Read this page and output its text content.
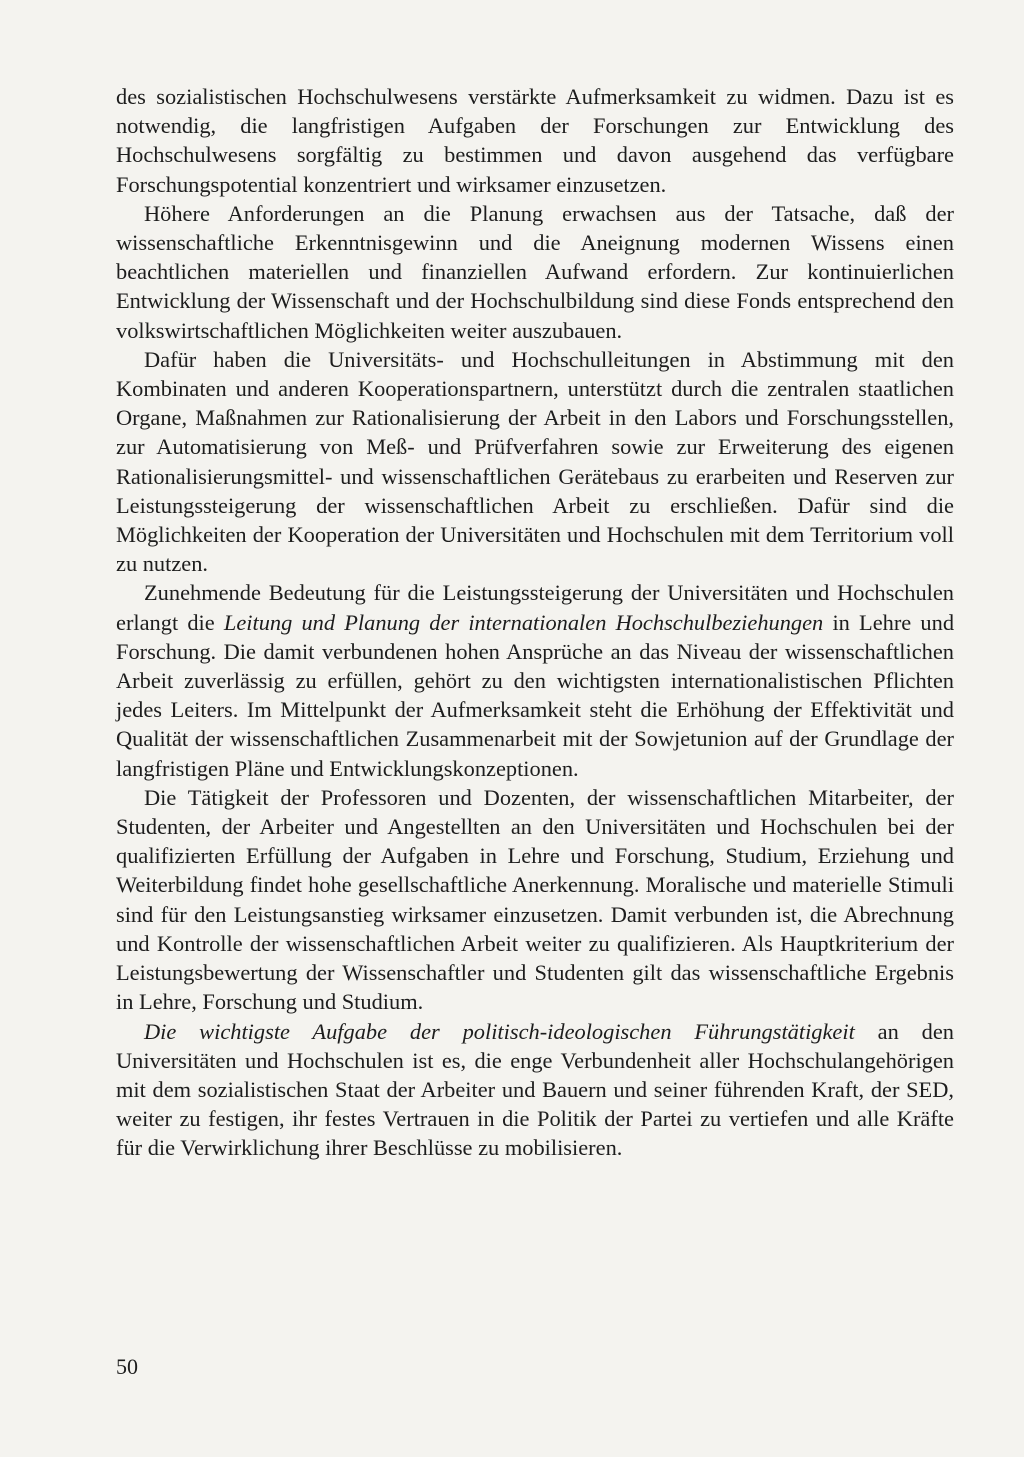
des sozialistischen Hochschulwesens verstärkte Aufmerksamkeit zu widmen. Dazu ist es notwendig, die langfristigen Aufgaben der Forschungen zur Entwicklung des Hochschulwesens sorgfältig zu bestimmen und davon ausgehend das verfügbare Forschungspotential konzentriert und wirksamer einzusetzen.

Höhere Anforderungen an die Planung erwachsen aus der Tatsache, daß der wissenschaftliche Erkenntnisgewinn und die Aneignung modernen Wissens einen beachtlichen materiellen und finanziellen Aufwand erfordern. Zur kontinuierlichen Entwicklung der Wissenschaft und der Hochschulbildung sind diese Fonds entsprechend den volkswirtschaftlichen Möglichkeiten weiter auszubauen.

Dafür haben die Universitäts- und Hochschulleitungen in Abstimmung mit den Kombinaten und anderen Kooperationspartnern, unterstützt durch die zentralen staatlichen Organe, Maßnahmen zur Rationalisierung der Arbeit in den Labors und Forschungsstellen, zur Automatisierung von Meß- und Prüfverfahren sowie zur Erweiterung des eigenen Rationalisierungsmittel- und wissenschaftlichen Gerätebaus zu erarbeiten und Reserven zur Leistungssteigerung der wissenschaftlichen Arbeit zu erschließen. Dafür sind die Möglichkeiten der Kooperation der Universitäten und Hochschulen mit dem Territorium voll zu nutzen.

Zunehmende Bedeutung für die Leistungssteigerung der Universitäten und Hochschulen erlangt die Leitung und Planung der internationalen Hochschulbeziehungen in Lehre und Forschung. Die damit verbundenen hohen Ansprüche an das Niveau der wissenschaftlichen Arbeit zuverlässig zu erfüllen, gehört zu den wichtigsten internationalistischen Pflichten jedes Leiters. Im Mittelpunkt der Aufmerksamkeit steht die Erhöhung der Effektivität und Qualität der wissenschaftlichen Zusammenarbeit mit der Sowjetunion auf der Grundlage der langfristigen Pläne und Entwicklungskonzeptionen.

Die Tätigkeit der Professoren und Dozenten, der wissenschaftlichen Mitarbeiter, der Studenten, der Arbeiter und Angestellten an den Universitäten und Hochschulen bei der qualifizierten Erfüllung der Aufgaben in Lehre und Forschung, Studium, Erziehung und Weiterbildung findet hohe gesellschaftliche Anerkennung. Moralische und materielle Stimuli sind für den Leistungsanstieg wirksamer einzusetzen. Damit verbunden ist, die Abrechnung und Kontrolle der wissenschaftlichen Arbeit weiter zu qualifizieren. Als Hauptkriterium der Leistungsbewertung der Wissenschaftler und Studenten gilt das wissenschaftliche Ergebnis in Lehre, Forschung und Studium.

Die wichtigste Aufgabe der politisch-ideologischen Führungstätigkeit an den Universitäten und Hochschulen ist es, die enge Verbundenheit aller Hochschulangehörigen mit dem sozialistischen Staat der Arbeiter und Bauern und seiner führenden Kraft, der SED, weiter zu festigen, ihr festes Vertrauen in die Politik der Partei zu vertiefen und alle Kräfte für die Verwirklichung ihrer Beschlüsse zu mobilisieren.

50
